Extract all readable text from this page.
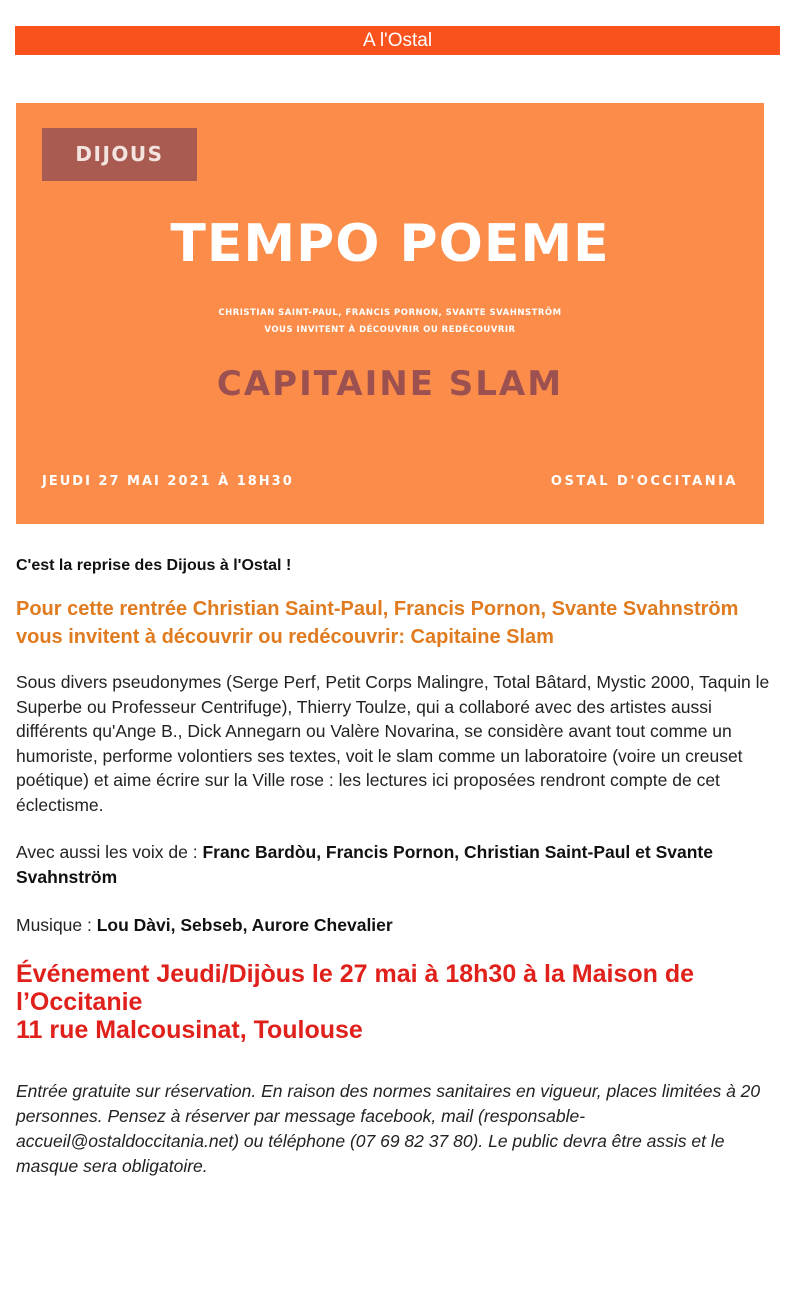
A l'Ostal
DIJOUS
TEMPO POEME
CHRISTIAN SAINT-PAUL, FRANCIS PORNON, SVANTE SVAHNSTRÖM VOUS INVITENT À DÉCOUVRIR OU REDÉCOUVRIR
CAPITAINE SLAM
JEUDI 27 MAI 2021 À 18H30	OSTAL D'OCCITANIA

C'est la reprise des Dijous à l'Ostal !

Pour cette rentrée Christian Saint-Paul, Francis Pornon, Svante Svahnström vous invitent à découvrir ou redécouvrir: Capitaine Slam

Sous divers pseudonymes (Serge Perf, Petit Corps Malingre, Total Bâtard, Mystic 2000, Taquin le Superbe ou Professeur Centrifuge), Thierry Toulze, qui a collaboré avec des artistes aussi différents qu'Ange B., Dick Annegarn ou Valère Novarina, se considère avant tout comme un humoriste, performe volontiers ses textes, voit le slam comme un laboratoire (voire un creuset poétique) et aime écrire sur la Ville rose : les lectures ici proposées rendront compte de cet éclectisme.

Avec aussi les voix de : Franc Bardòu, Francis Pornon, Christian Saint-Paul et Svante Svahnström

Musique : Lou Dàvi, Sebseb, Aurore Chevalier

Événement Jeudi/Dijòus le 27 mai à 18h30 à la Maison de l’Occitanie
11 rue Malcousinat, Toulouse

Entrée gratuite sur réservation. En raison des normes sanitaires en vigueur, places limitées à 20 personnes. Pensez à réserver par message facebook, mail (responsable-accueil@ostaldoccitania.net) ou téléphone (07 69 82 37 80). Le public devra être assis et le masque sera obligatoire.
